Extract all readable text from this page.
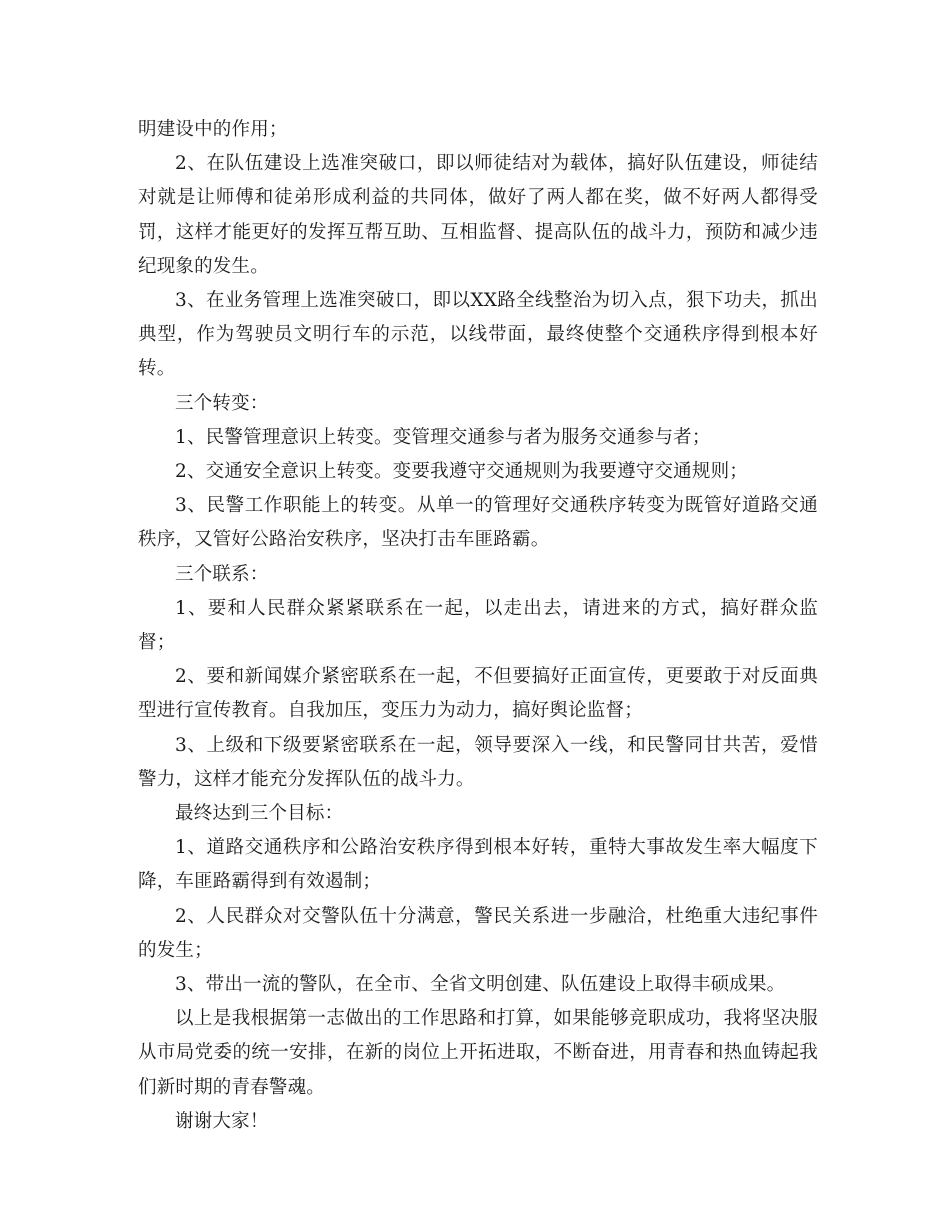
明建设中的作用；

2、在队伍建设上选准突破口，即以师徒结对为载体，搞好队伍建设，师徒结对就是让师傅和徒弟形成利益的共同体，做好了两人都在奖，做不好两人都得受罚，这样才能更好的发挥互帮互助、互相监督、提高队伍的战斗力，预防和减少违纪现象的发生。

3、在业务管理上选准突破口，即以XX路全线整治为切入点，狠下功夫，抓出典型，作为驾驶员文明行车的示范，以线带面，最终使整个交通秩序得到根本好转。

三个转变：

1、民警管理意识上转变。变管理交通参与者为服务交通参与者；

2、交通安全意识上转变。变要我遵守交通规则为我要遵守交通规则；

3、民警工作职能上的转变。从单一的管理好交通秩序转变为既管好道路交通秩序，又管好公路治安秩序，坚决打击车匪路霸。

三个联系：

1、要和人民群众紧紧联系在一起，以走出去，请进来的方式，搞好群众监督；

2、要和新闻媒介紧密联系在一起，不但要搞好正面宣传，更要敢于对反面典型进行宣传教育。自我加压，变压力为动力，搞好舆论监督；

3、上级和下级要紧密联系在一起，领导要深入一线，和民警同甘共苦，爱惜警力，这样才能充分发挥队伍的战斗力。

最终达到三个目标：

1、道路交通秩序和公路治安秩序得到根本好转，重特大事故发生率大幅度下降，车匪路霸得到有效遏制；

2、人民群众对交警队伍十分满意，警民关系进一步融洽，杜绝重大违纪事件的发生；

3、带出一流的警队，在全市、全省文明创建、队伍建设上取得丰硕成果。

以上是我根据第一志做出的工作思路和打算，如果能够竞职成功，我将坚决服从市局党委的统一安排，在新的岗位上开拓进取，不断奋进，用青春和热血铸起我们新时期的青春警魂。

谢谢大家！
